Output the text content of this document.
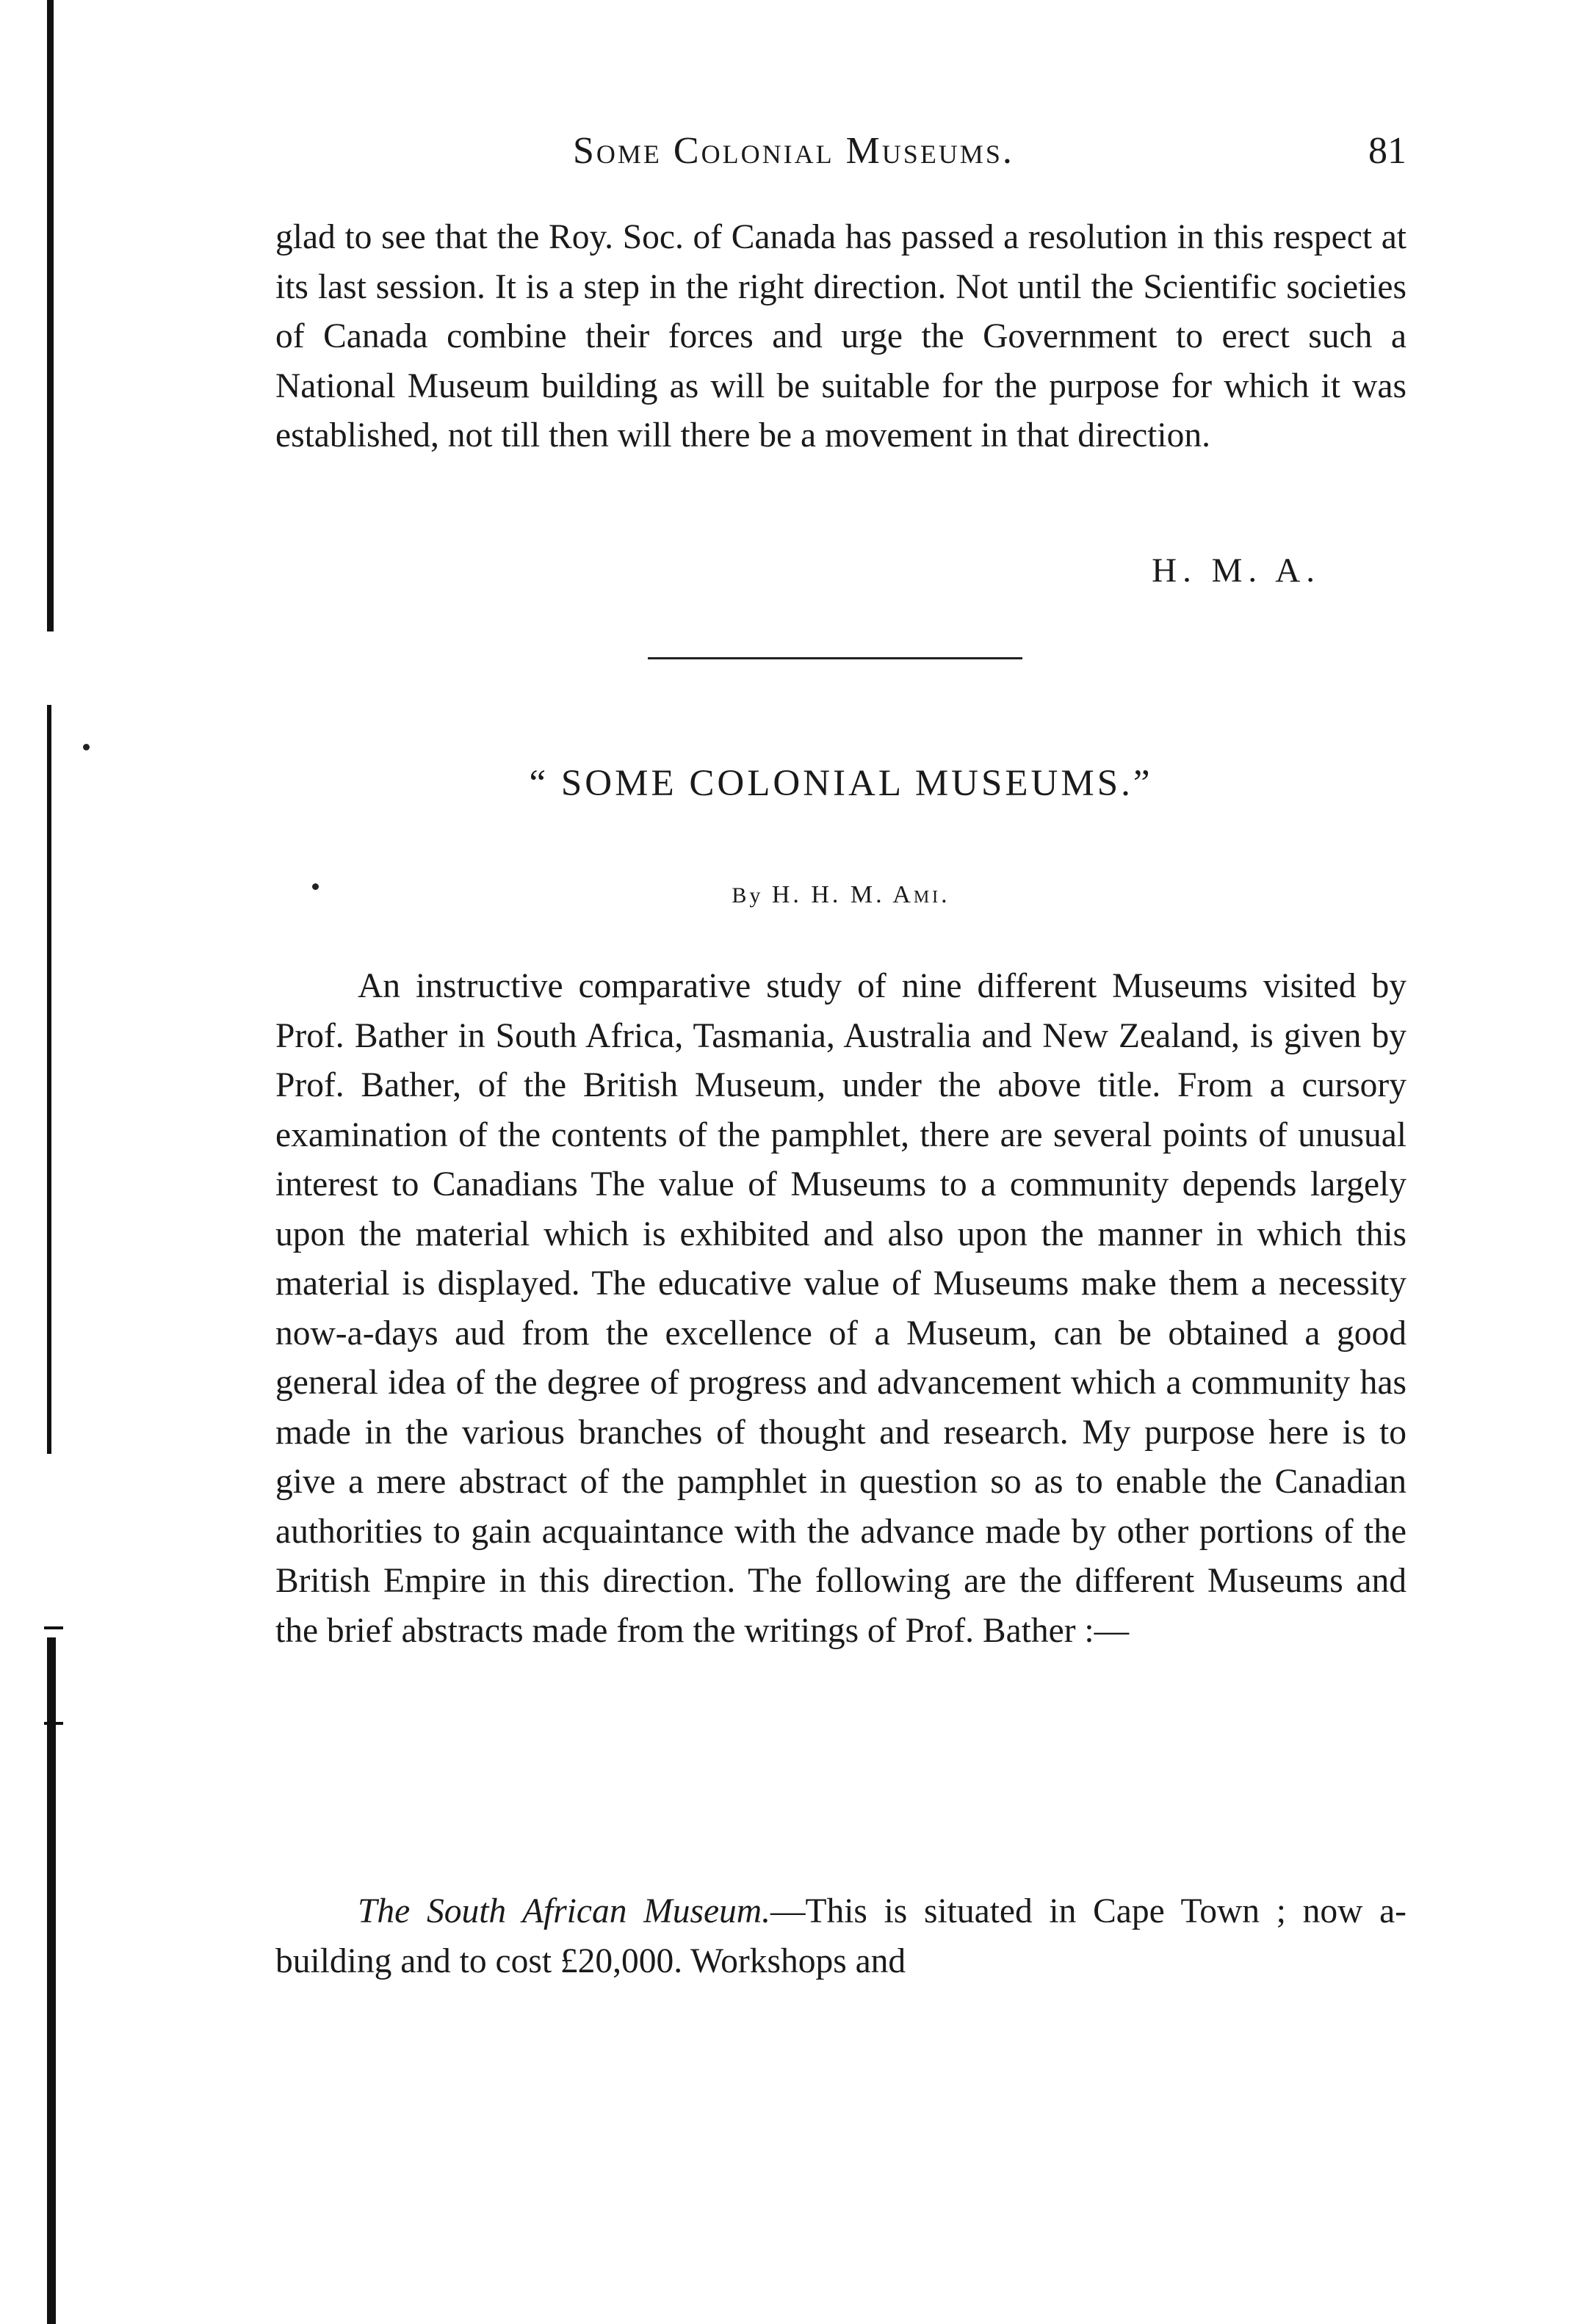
Some Colonial Museums.	81

glad to see that the Roy. Soc. of Canada has passed a resolution in this respect at its last session. It is a step in the right direction. Not until the Scientific societies of Canada combine their forces and urge the Government to erect such a National Museum building as will be suitable for the purpose for which it was established, not till then will there be a movement in that direction.

H. M. A.

“ SOME COLONIAL MUSEUMS.”

By H. H. M. Ami.

An instructive comparative study of nine different Museums visited by Prof. Bather in South Africa, Tasmania, Australia and New Zealand, is given by Prof. Bather, of the British Museum, under the above title. From a cursory examination of the contents of the pamphlet, there are several points of unusual interest to Canadians The value of Museums to a community depends largely upon the material which is exhibited and also upon the manner in which this material is displayed. The educative value of Museums make them a necessity now-a-days aud from the excellence of a Museum, can be obtained a good general idea of the degree of progress and advancement which a community has made in the various branches of thought and research. My purpose here is to give a mere abstract of the pamphlet in question so as to enable the Canadian authorities to gain acquaintance with the advance made by other portions of the British Empire in this direction. The following are the different Museums and the brief abstracts made from the writings of Prof. Bather :—

The South African Museum.—This is situated in Cape Town ; now a-building and to cost £20,000. Workshops and
